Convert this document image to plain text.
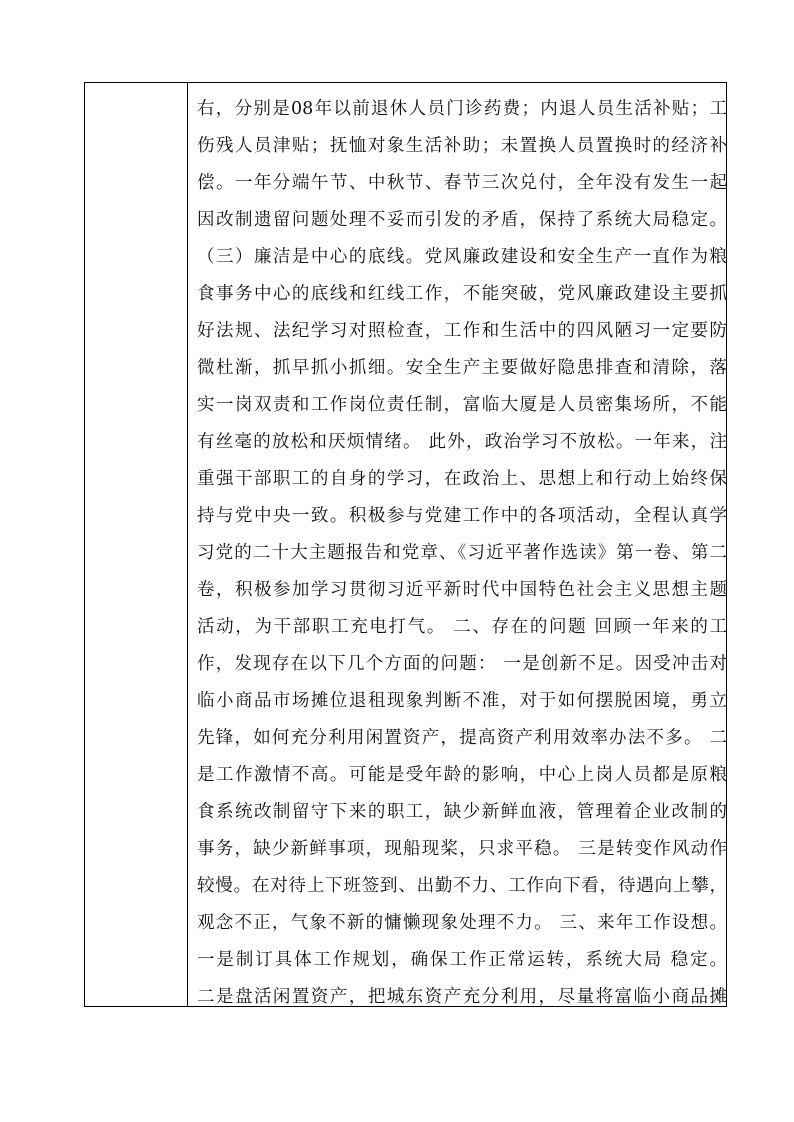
右，分别是08年以前退休人员门诊药费；内退人员生活补贴；工
伤残人员津贴；抚恤对象生活补助；未置换人员置换时的经济补
偿。一年分端午节、中秋节、春节三次兑付，全年没有发生一起
因改制遗留问题处理不妥而引发的矛盾，保持了系统大局稳定。
（三）廉洁是中心的底线。党风廉政建设和安全生产一直作为粮
食事务中心的底线和红线工作，不能突破，党风廉政建设主要抓
好法规、法纪学习对照检查，工作和生活中的四风陋习一定要防
微杜渐，抓早抓小抓细。安全生产主要做好隐患排查和清除，落
实一岗双责和工作岗位责任制，富临大厦是人员密集场所，不能
有丝毫的放松和厌烦情绪。 此外，政治学习不放松。一年来，注
重强干部职工的自身的学习，在政治上、思想上和行动上始终保
持与党中央一致。积极参与党建工作中的各项活动，全程认真学
习党的二十大主题报告和党章、《习近平著作选读》第一卷、第二
卷，积极参加学习贯彻习近平新时代中国特色社会主义思想主题
活动，为干部职工充电打气。 二、存在的问题 回顾一年来的工
作，发现存在以下几个方面的问题： 一是创新不足。因受冲击对
临小商品市场摊位退租现象判断不准，对于如何摆脱困境，勇立
先锋，如何充分利用闲置资产，提高资产利用效率办法不多。 二
是工作激情不高。可能是受年龄的影响，中心上岗人员都是原粮
食系统改制留守下来的职工，缺少新鲜血液，管理着企业改制的
事务，缺少新鲜事项，现船现桨，只求平稳。 三是转变作风动作
较慢。在对待上下班签到、出勤不力、工作向下看，待遇向上攀，
观念不正，气象不新的慵懒现象处理不力。 三、来年工作设想。
一是制订具体工作规划，确保工作正常运转，系统大局 稳定。
二是盘活闲置资产，把城东资产充分利用，尽量将富临小商品摊
